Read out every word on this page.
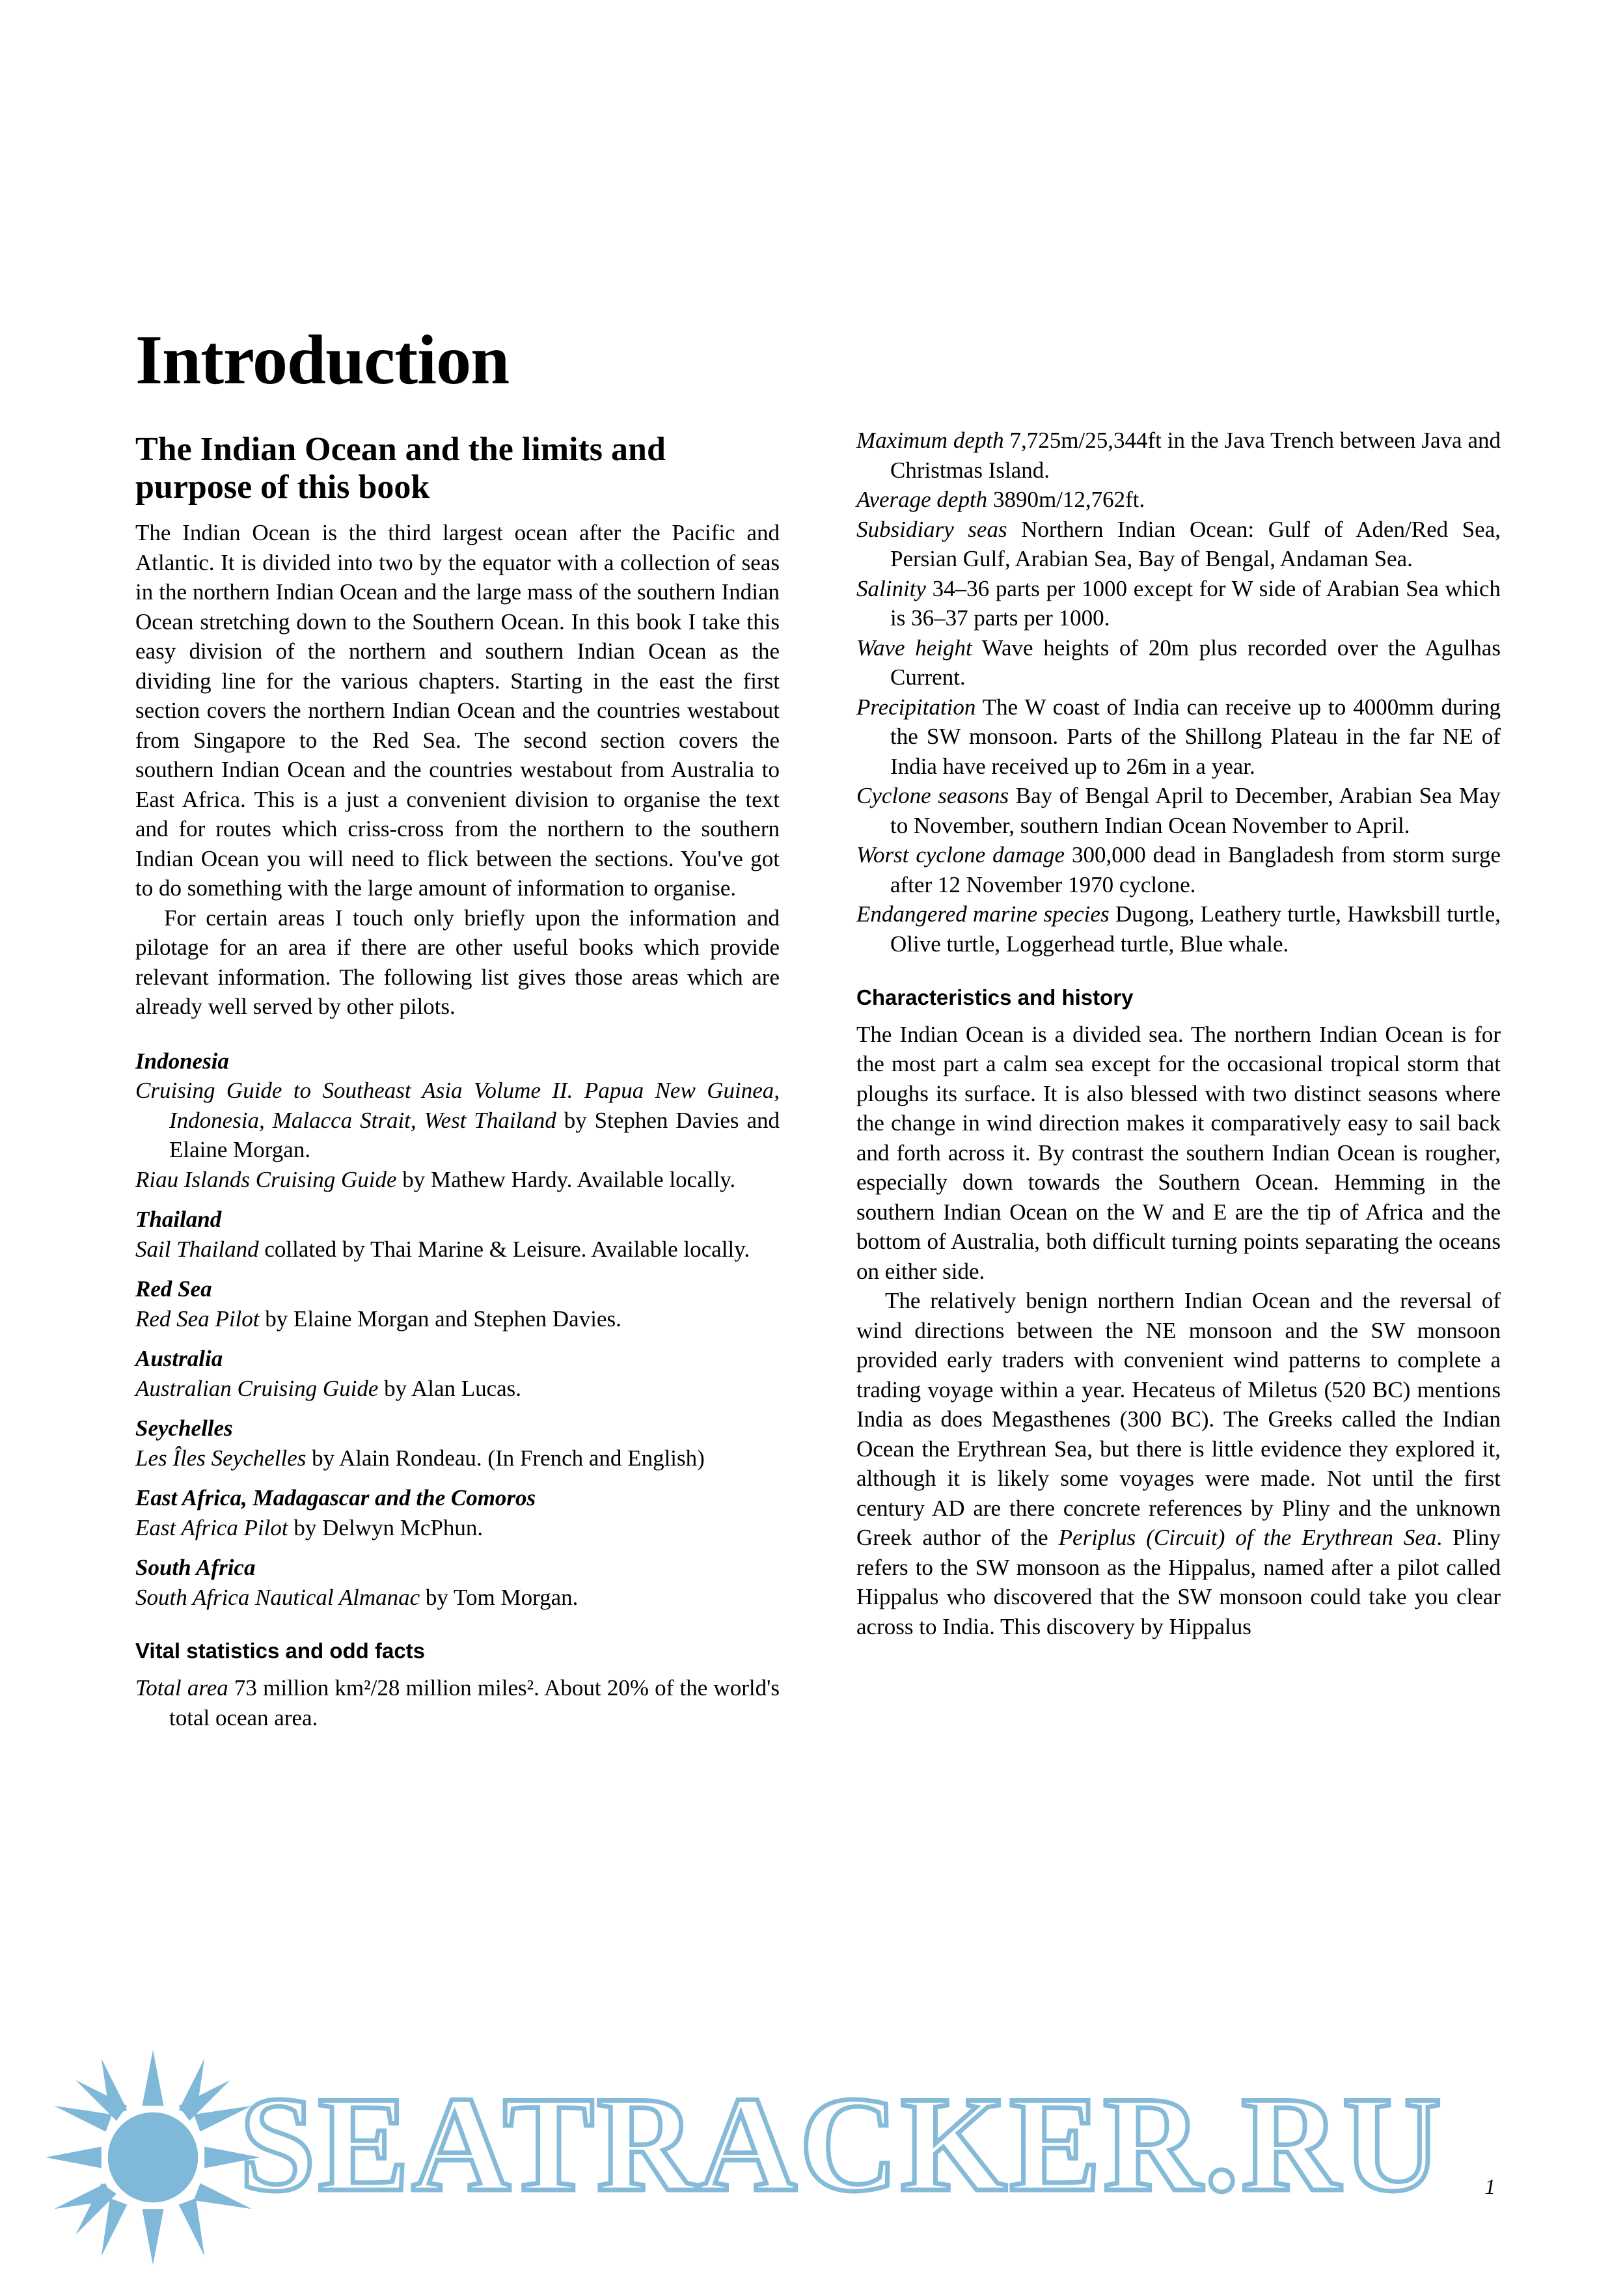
Introduction
The Indian Ocean and the limits and purpose of this book

The Indian Ocean is the third largest ocean after the Pacific and Atlantic. It is divided into two by the equator with a collection of seas in the northern Indian Ocean and the large mass of the southern Indian Ocean stretching down to the Southern Ocean. In this book I take this easy division of the northern and southern Indian Ocean as the dividing line for the various chapters. Starting in the east the first section covers the northern Indian Ocean and the countries westabout from Singapore to the Red Sea. The second section covers the southern Indian Ocean and the countries westabout from Australia to East Africa. This is a just a convenient division to organise the text and for routes which criss-cross from the northern to the southern Indian Ocean you will need to flick between the sections. You've got to do something with the large amount of information to organise.

For certain areas I touch only briefly upon the information and pilotage for an area if there are other useful books which provide relevant information. The following list gives those areas which are already well served by other pilots.

Indonesia

Cruising Guide to Southeast Asia Volume II. Papua New Guinea, Indonesia, Malacca Strait, West Thailand by Stephen Davies and Elaine Morgan.

Riau Islands Cruising Guide by Mathew Hardy. Available locally.

Thailand

Sail Thailand collated by Thai Marine & Leisure. Available locally.

Red Sea

Red Sea Pilot by Elaine Morgan and Stephen Davies.

Australia

Australian Cruising Guide by Alan Lucas.

Seychelles

Les Îles Seychelles by Alain Rondeau. (In French and English)

East Africa, Madagascar and the Comoros

East Africa Pilot by Delwyn McPhun.

South Africa

South Africa Nautical Almanac by Tom Morgan.

Vital statistics and odd facts

Total area 73 million km²/28 million miles². About 20% of the world's total ocean area.

Maximum depth 7,725m/25,344ft in the Java Trench between Java and Christmas Island.

Average depth 3890m/12,762ft.

Subsidiary seas Northern Indian Ocean: Gulf of Aden/Red Sea, Persian Gulf, Arabian Sea, Bay of Bengal, Andaman Sea.

Salinity 34–36 parts per 1000 except for W side of Arabian Sea which is 36–37 parts per 1000.

Wave height Wave heights of 20m plus recorded over the Agulhas Current.

Precipitation The W coast of India can receive up to 4000mm during the SW monsoon. Parts of the Shillong Plateau in the far NE of India have received up to 26m in a year.

Cyclone seasons Bay of Bengal April to December, Arabian Sea May to November, southern Indian Ocean November to April.

Worst cyclone damage 300,000 dead in Bangladesh from storm surge after 12 November 1970 cyclone.

Endangered marine species Dugong, Leathery turtle, Hawksbill turtle, Olive turtle, Loggerhead turtle, Blue whale.

Characteristics and history

The Indian Ocean is a divided sea. The northern Indian Ocean is for the most part a calm sea except for the occasional tropical storm that ploughs its surface. It is also blessed with two distinct seasons where the change in wind direction makes it comparatively easy to sail back and forth across it. By contrast the southern Indian Ocean is rougher, especially down towards the Southern Ocean. Hemming in the southern Indian Ocean on the W and E are the tip of Africa and the bottom of Australia, both difficult turning points separating the oceans on either side.

The relatively benign northern Indian Ocean and the reversal of wind directions between the NE monsoon and the SW monsoon provided early traders with convenient wind patterns to complete a trading voyage within a year. Hecateus of Miletus (520 BC) mentions India as does Megasthenes (300 BC). The Greeks called the Indian Ocean the Erythrean Sea, but there is little evidence they explored it, although it is likely some voyages were made. Not until the first century AD are there concrete references by Pliny and the unknown Greek author of the Periplus (Circuit) of the Erythrean Sea. Pliny refers to the SW monsoon as the Hippalus, named after a pilot called Hippalus who discovered that the SW monsoon could take you clear across to India. This discovery by Hippalus

1
SEATRACKER.RU
